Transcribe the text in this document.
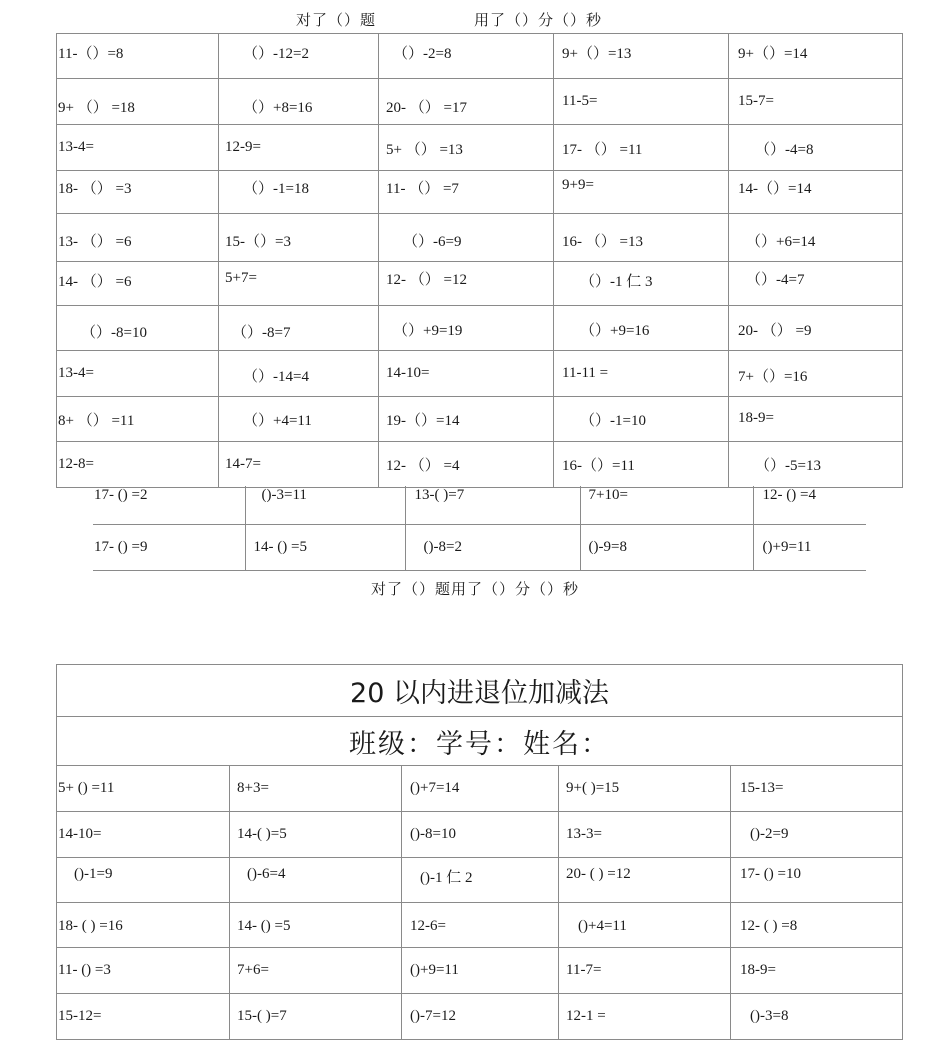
对了（）题	用了（）分（）秒
11-（）=8	（）-12=2	（）-2=8	9+（）=13	9+（）=14
9+ （） =18	（）+8=16	20- （） =17	11-5=	15-7=
13-4=	12-9=	5+ （） =13	17- （） =11	（）-4=8
18- （） =3	（）-1=18	11- （） =7	9+9=	14-（）=14
13- （） =6	15-（）=3	（）-6=9	16- （） =13	（）+6=14
14- （） =6	5+7=	12- （） =12	（）-1 仁 3	（）-4=7
（）-8=10	（）-8=7	（）+9=19	（）+9=16	20- （） =9
13-4=	（）-14=4	14-10=	11-11 =	7+（）=16
8+ （） =11	（）+4=11	19-（）=14	（）-1=10	18-9=
12-8=	14-7=	12- （） =4	16-（）=11	（）-5=13
17- () =2	()-3=11	13-( )=7	7+10=	12- () =4
17- () =9	14- () =5	()-8=2	()-9=8	()+9=11
对了（）题用了（）分（）秒
20 以内进退位加减法				
班级：学号：姓名：				
5+ () =11	8+3=	()+7=14	9+( )=15	15-13=
14-10=	14-( )=5	()-8=10	13-3=	()-2=9
()-1=9	()-6=4	()-1 仁 2	20- ( ) =12	17- () =10
18- ( ) =16	14- () =5	12-6=	()+4=11	12- ( ) =8
11- () =3	7+6=	()+9=11	11-7=	18-9=
15-12=	15-( )=7	()-7=12	12-1 =	()-3=8
